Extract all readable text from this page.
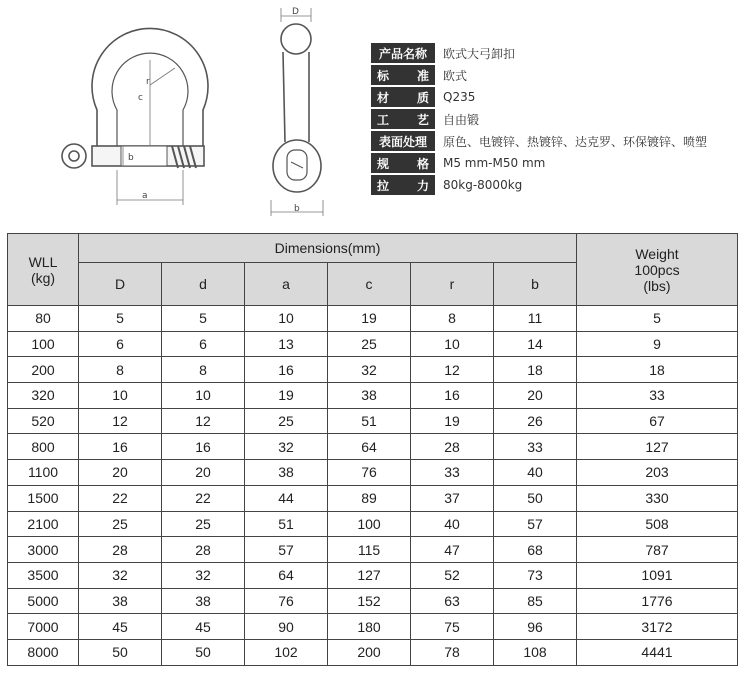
r
c
b
a
D
b
产品名称	欧式大弓卸扣
标 准 欧式
材 质 Q235
工 艺 自由锻
表面处理	原色、电镀锌、热镀锌、达克罗、环保镀锌、喷塑
规 格 M5 mm-M50 mm
拉 力 80kg-8000kg
WLL
(kg)	Dimensions(mm)						Weight
100pcs
(lbs)
	D	d	a	c	r	b	
80	5	5	10	19	8	11	5
100	6	6	13	25	10	14	9
200	8	8	16	32	12	18	18
320	10	10	19	38	16	20	33
520	12	12	25	51	19	26	67
800	16	16	32	64	28	33	127
1100	20	20	38	76	33	40	203
1500	22	22	44	89	37	50	330
2100	25	25	51	100	40	57	508
3000	28	28	57	115	47	68	787
3500	32	32	64	127	52	73	1091
5000	38	38	76	152	63	85	1776
7000	45	45	90	180	75	96	3172
8000	50	50	102	200	78	108	4441
